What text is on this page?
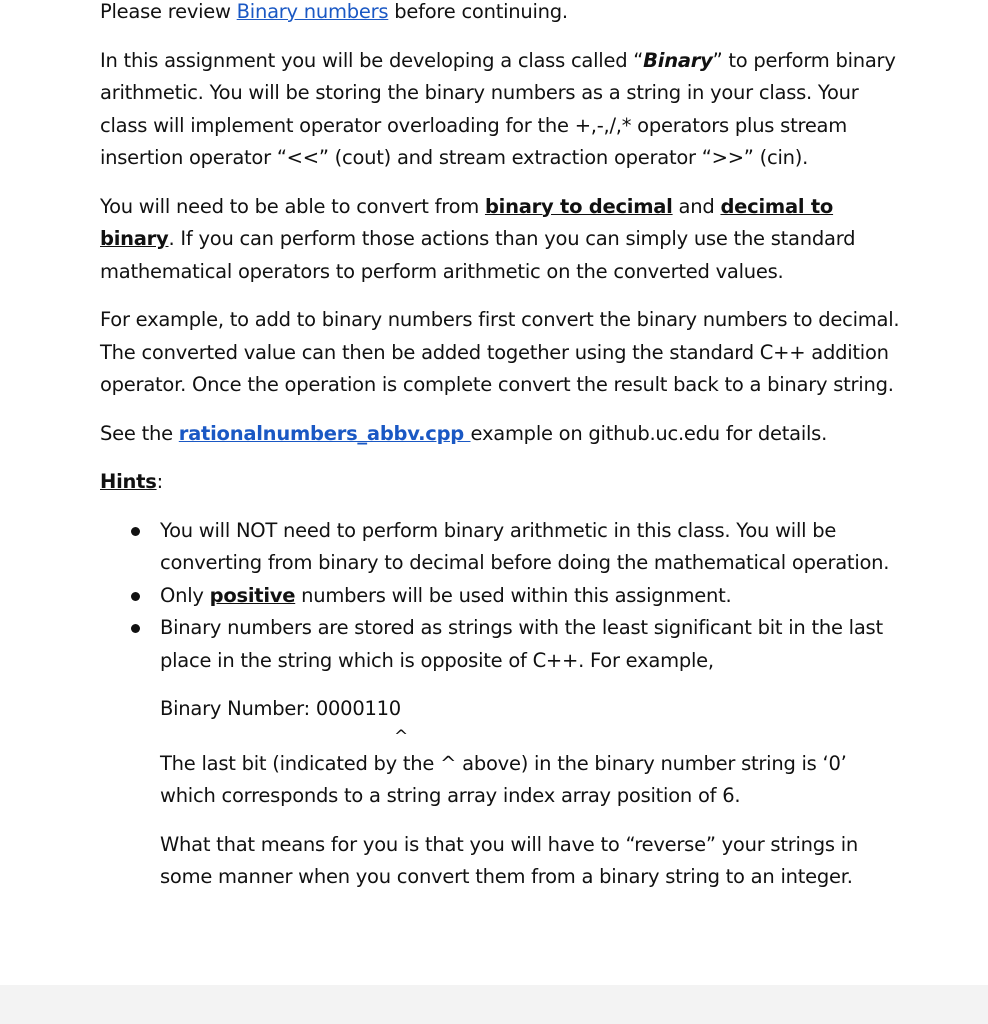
Please review Binary numbers before continuing.

In this assignment you will be developing a class called “Binary” to perform binary arithmetic. You will be storing the binary numbers as a string in your class. Your class will implement operator overloading for the +,-,/,* operators plus stream insertion operator “<<” (cout) and stream extraction operator “>>” (cin).

You will need to be able to convert from binary to decimal and decimal to binary. If you can perform those actions than you can simply use the standard mathematical operators to perform arithmetic on the converted values.

For example, to add to binary numbers first convert the binary numbers to decimal. The converted value can then be added together using the standard C++ addition operator. Once the operation is complete convert the result back to a binary string.

See the rationalnumbers_abbv.cpp example on github.uc.edu for details.

Hints:

You will NOT need to perform binary arithmetic in this class. You will be converting from binary to decimal before doing the mathematical operation.
Only positive numbers will be used within this assignment.
Binary numbers are stored as strings with the least significant bit in the last place in the string which is opposite of C++. For example,

Binary Number: 0000110

^

The last bit (indicated by the ^ above) in the binary number string is ‘0’ which corresponds to a string array index array position of 6.

What that means for you is that you will have to “reverse” your strings in some manner when you convert them from a binary string to an integer.
